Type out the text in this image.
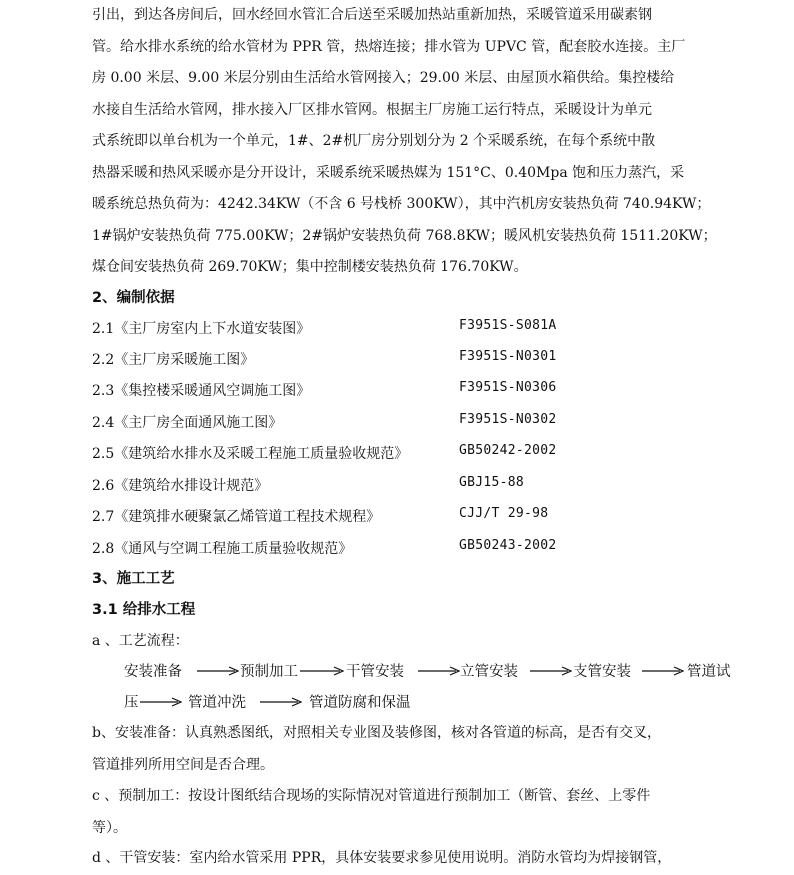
引出，到达各房间后，回水经回水管汇合后送至采暖加热站重新加热，采暖管道采用碳素钢
管。给水排水系统的给水管材为 PPR 管，热熔连接；排水管为 UPVC 管，配套胶水连接。主厂
房 0.00 米层、9.00 米层分别由生活给水管网接入；29.00 米层、由屋顶水箱供给。集控楼给
水接自生活给水管网，排水接入厂区排水管网。根据主厂房施工运行特点，采暖设计为单元
式系统即以单台机为一个单元，1#、2#机厂房分别划分为 2 个采暖系统，在每个系统中散
热器采暖和热风采暖亦是分开设计，采暖系统采暖热媒为 151°C、0.40Mpa 饱和压力蒸汽，采
暖系统总热负荷为：4242.34KW（不含 6 号栈桥 300KW），其中汽机房安装热负荷 740.94KW；
1#锅炉安装热负荷 775.00KW；2#锅炉安装热负荷 768.8KW；暖风机安装热负荷 1511.20KW；
煤仓间安装热负荷 269.70KW；集中控制楼安装热负荷 176.70KW。
2、编制依据
2.1《主厂房室内上下水道安装图》	F3951S-S081A
2.2《主厂房采暖施工图》	F3951S-N0301
2.3《集控楼采暖通风空调施工图》	F3951S-N0306
2.4《主厂房全面通风施工图》	F3951S-N0302
2.5《建筑给水排水及采暖工程施工质量验收规范》	GB50242-2002
2.6《建筑给水排设计规范》	GBJ15-88
2.7《建筑排水硬聚氯乙烯管道工程技术规程》	CJJ/T 29-98
2.8《通风与空调工程施工质量验收规范》	GB50243-2002
3、施工工艺
3.1 给排水工程
a 、工艺流程：
安装准备	预制加工	干管安装	立管安装	支管安装	管道试
压	管道冲洗	管道防腐和保温
b、安装准备：认真熟悉图纸，对照相关专业图及装修图，核对各管道的标高，是否有交叉，
管道排列所用空间是否合理。
c 、预制加工：按设计图纸结合现场的实际情况对管道进行预制加工（断管、套丝、上零件
等）。
d 、干管安装：室内给水管采用 PPR，具体安装要求参见使用说明。消防水管均为焊接钢管，
